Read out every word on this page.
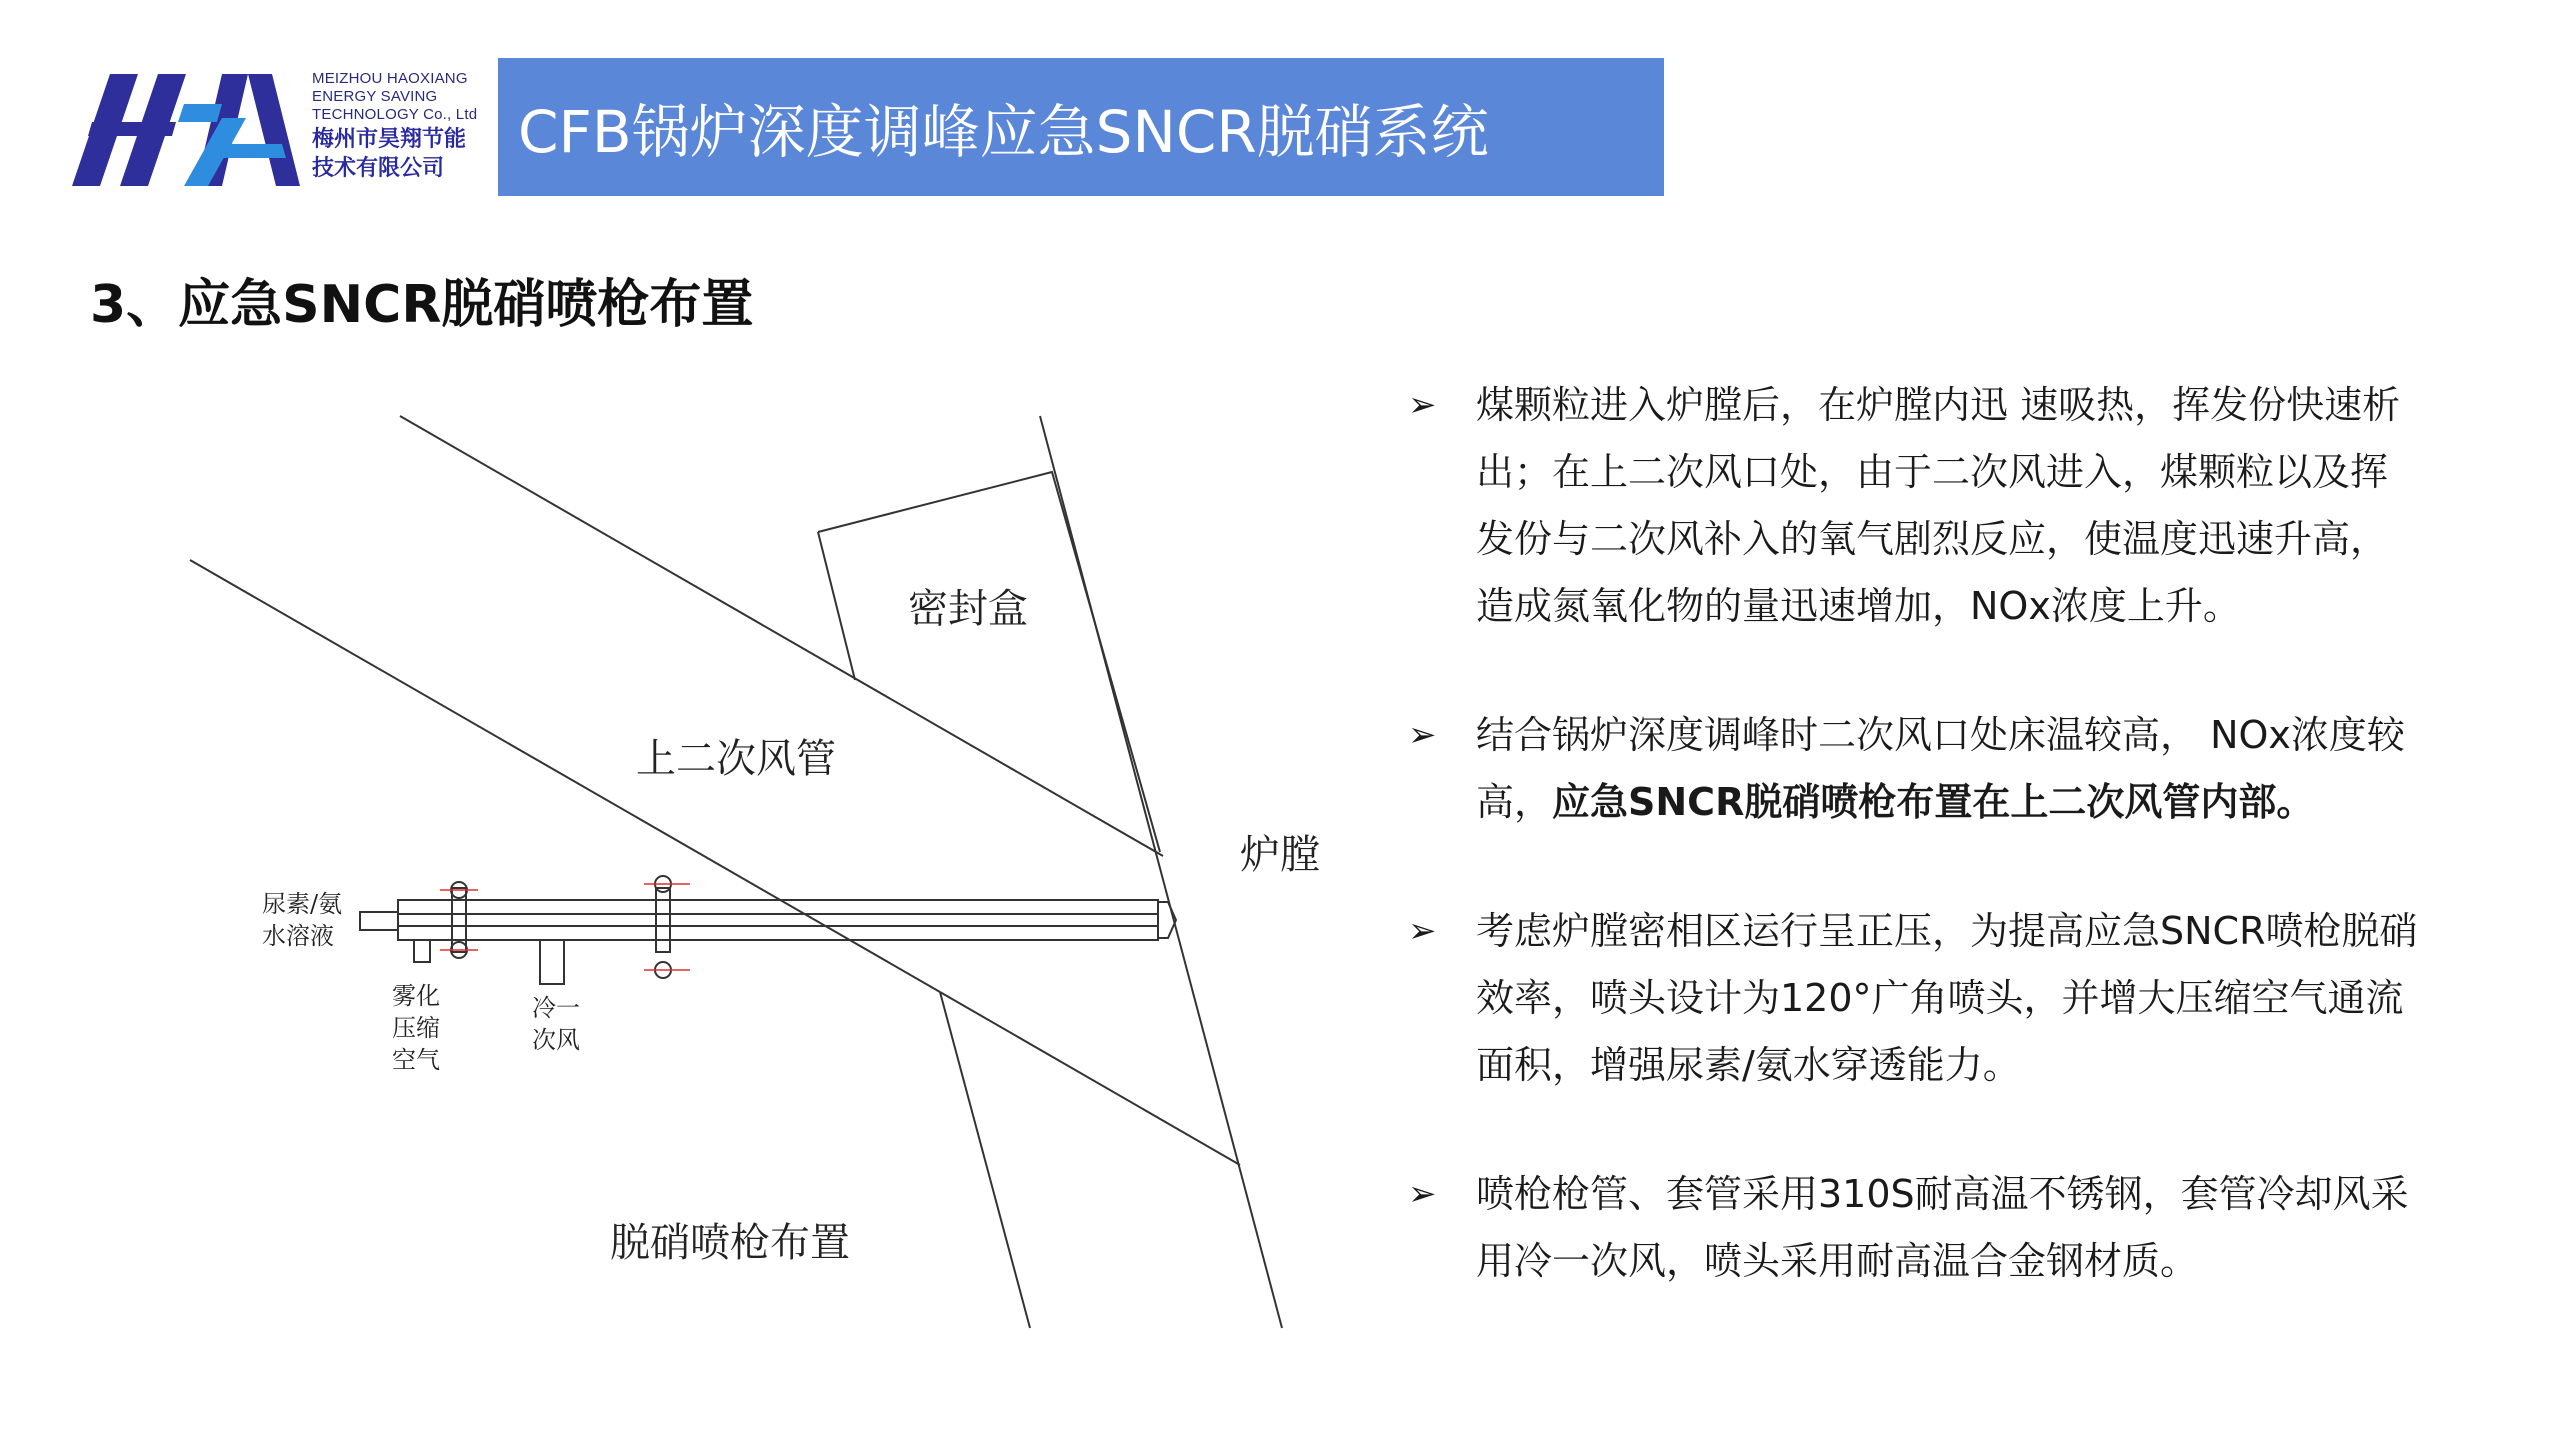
MEIZHOU HAOXIANG
ENERGY SAVING
TECHNOLOGY Co., Ltd
梅州市昊翔节能
技术有限公司
CFB锅炉深度调峰应急SNCR脱硝系统
3、应急SNCR脱硝喷枪布置
密封盒
上二次风管
炉膛
尿素/氨
水溶液
雾化
压缩
空气
冷一
次风
脱硝喷枪布置
➢ 煤颗粒进入炉膛后，在炉膛内迅 速吸热，挥发份快速析出；在上二次风口处，由于二次风进入，煤颗粒以及挥发份与二次风补入的氧气剧烈反应，使温度迅速升高，造成氮氧化物的量迅速增加，NOx浓度上升。
➢ 结合锅炉深度调峰时二次风口处床温较高， NOx浓度较高，应急SNCR脱硝喷枪布置在上二次风管内部。
➢ 考虑炉膛密相区运行呈正压，为提高应急SNCR喷枪脱硝效率，喷头设计为120°广角喷头，并增大压缩空气通流面积，增强尿素/氨水穿透能力。
➢ 喷枪枪管、套管采用310S耐高温不锈钢，套管冷却风采用冷一次风，喷头采用耐高温合金钢材质。
